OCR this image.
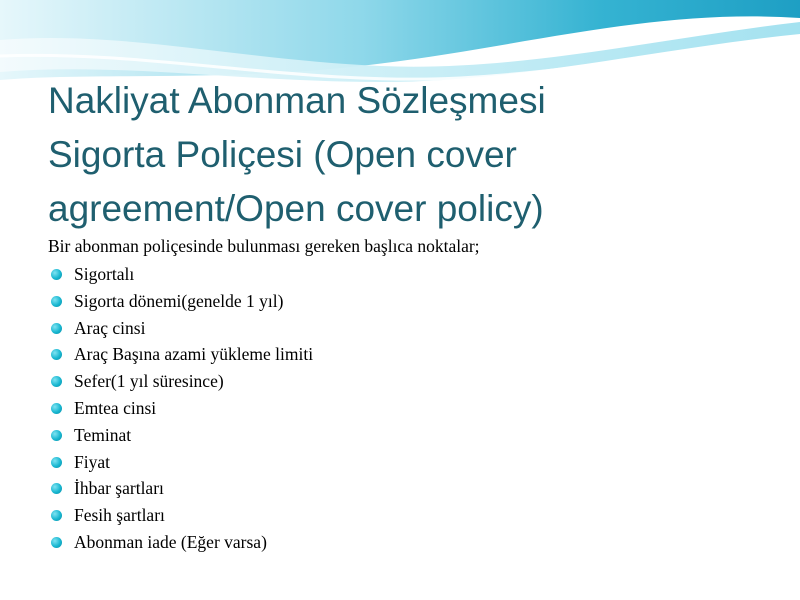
Nakliyat Abonman Sözleşmesi
Sigorta Poliçesi (Open cover
agreement/Open cover policy)

Bir abonman poliçesinde bulunması gereken başlıca noktalar;

Sigortalı
Sigorta dönemi(genelde 1 yıl)
Araç cinsi
Araç Başına azami yükleme limiti
Sefer(1 yıl süresince)
Emtea cinsi
Teminat
Fiyat
İhbar şartları
Fesih şartları
Abonman iade (Eğer varsa)
